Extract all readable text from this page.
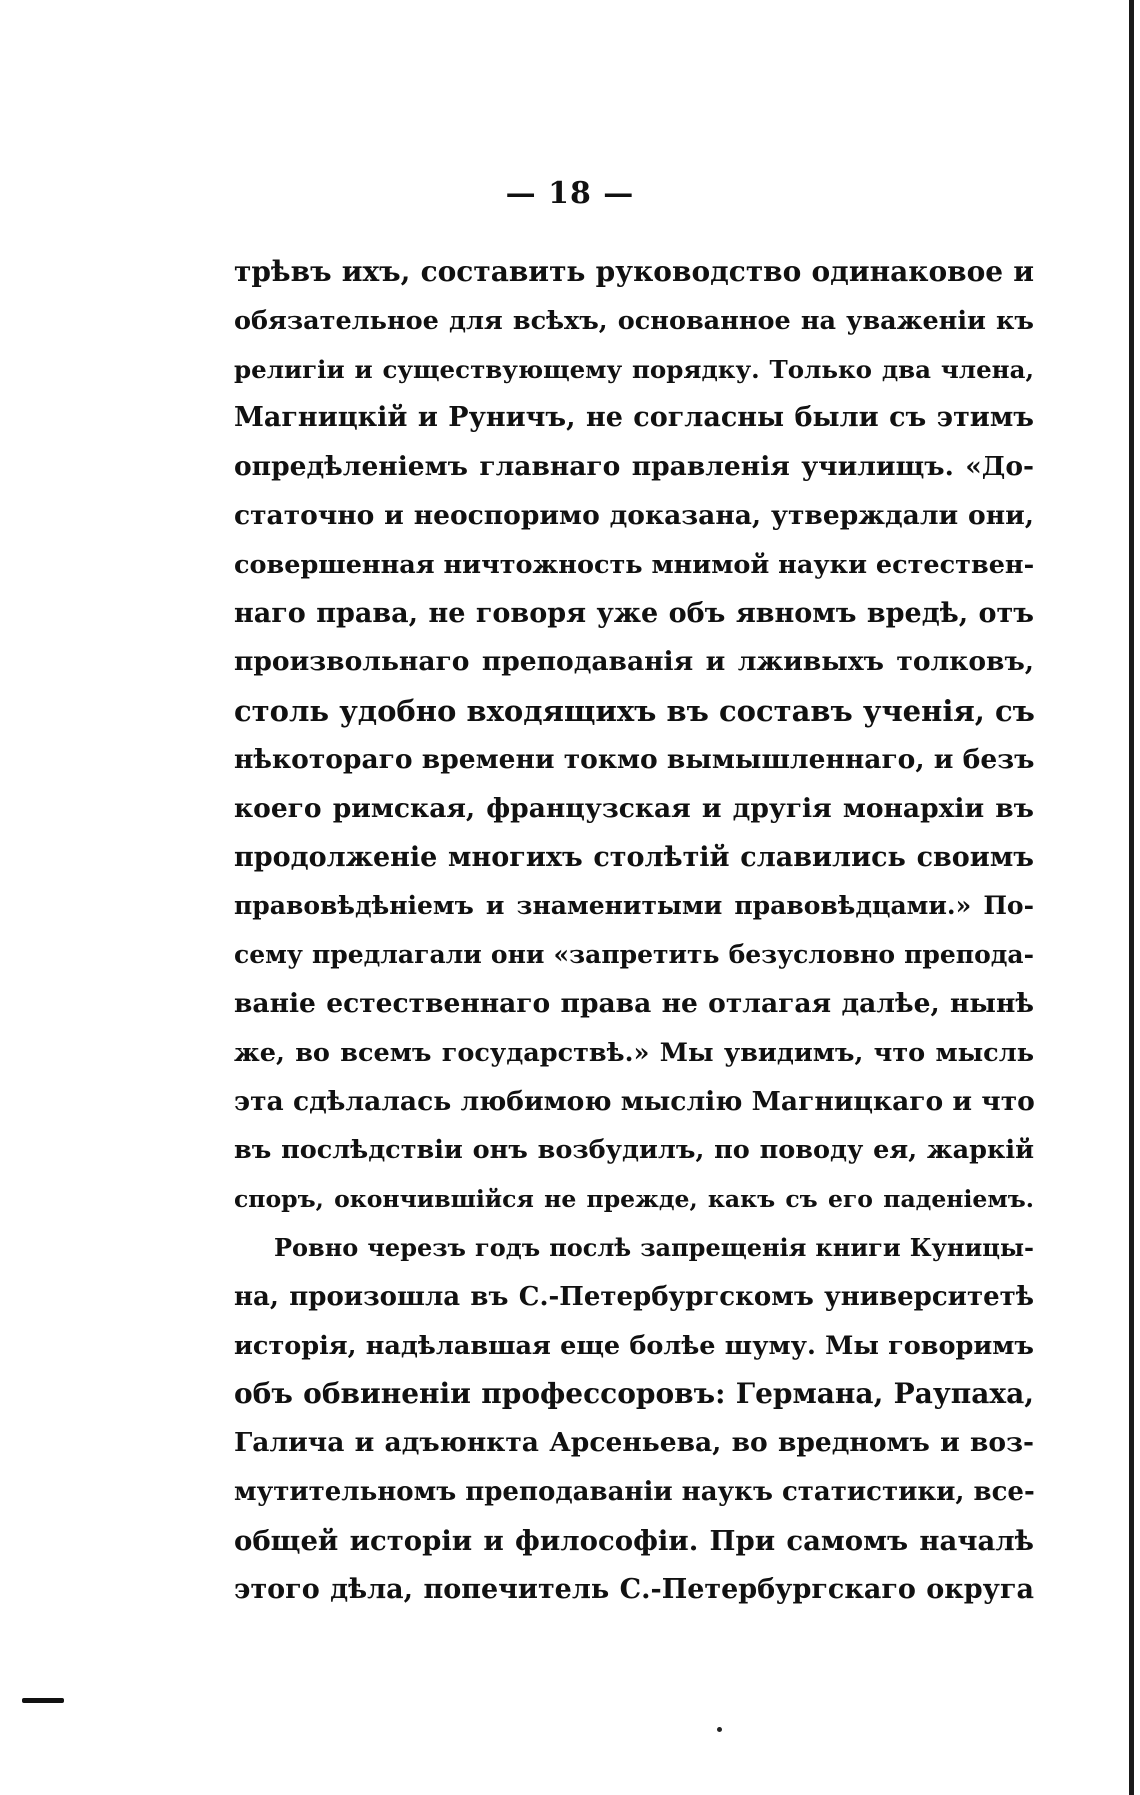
— 18 —
трѣвъ ихъ, составить руководство одинаковое и
обязательное для всѣхъ, основанное на уваженіи къ
религіи и существующему порядку. Только два члена,
Магницкій и Руничъ, не согласны были съ этимъ
опредѣленіемъ главнаго правленія училищъ. «До-
статочно и неоспоримо доказана, утверждали они,
совершенная ничтожность мнимой науки естествен-
наго права, не говоря уже объ явномъ вредѣ, отъ
произвольнаго преподаванія и лживыхъ толковъ,
столь удобно входящихъ въ составъ ученія, съ
нѣкотораго времени токмо вымышленнаго, и безъ
коего римская, французская и другія монархіи въ
продолженіе многихъ столѣтій славились своимъ
правовѣдѣніемъ и знаменитыми правовѣдцами.» По-
сему предлагали они «запретить безусловно препода-
ваніе естественнаго права не отлагая далѣе, нынѣ
же, во всемъ государствѣ.» Мы увидимъ, что мысль
эта сдѣлалась любимою мыслію Магницкаго и что
въ послѣдствіи онъ возбудилъ, по поводу ея, жаркій
споръ, окончившійся не прежде, какъ съ его паденіемъ.
Ровно черезъ годъ послѣ запрещенія книги Куницы-
на, произошла въ С.-Петербургскомъ университетѣ
исторія, надѣлавшая еще болѣе шуму. Мы говоримъ
объ обвиненіи профессоровъ: Германа, Раупаха,
Галича и адъюнкта Арсеньева, во вредномъ и воз-
мутительномъ преподаваніи наукъ статистики, все-
общей исторіи и философіи. При самомъ началѣ
этого дѣла, попечитель С.-Петербургскаго округа
